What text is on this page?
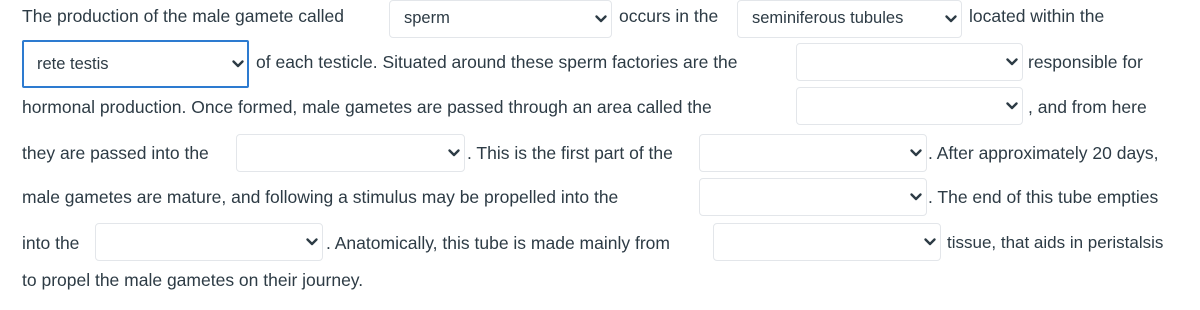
The production of the male gamete called	sperm	occurs in the seminiferous tubules	located within the
rete testis	of each testicle. Situated around these sperm factories are the	responsible for
hormonal production. Once formed, male gametes are passed through an area called the	, and from here
they are passed into the	. This is the first part of the	. After approximately 20 days,
male gametes are mature, and following a stimulus may be propelled into the	. The end of this tube empties
into the	. Anatomically, this tube is made mainly from	tissue, that aids in peristalsis
to propel the male gametes on their journey.
